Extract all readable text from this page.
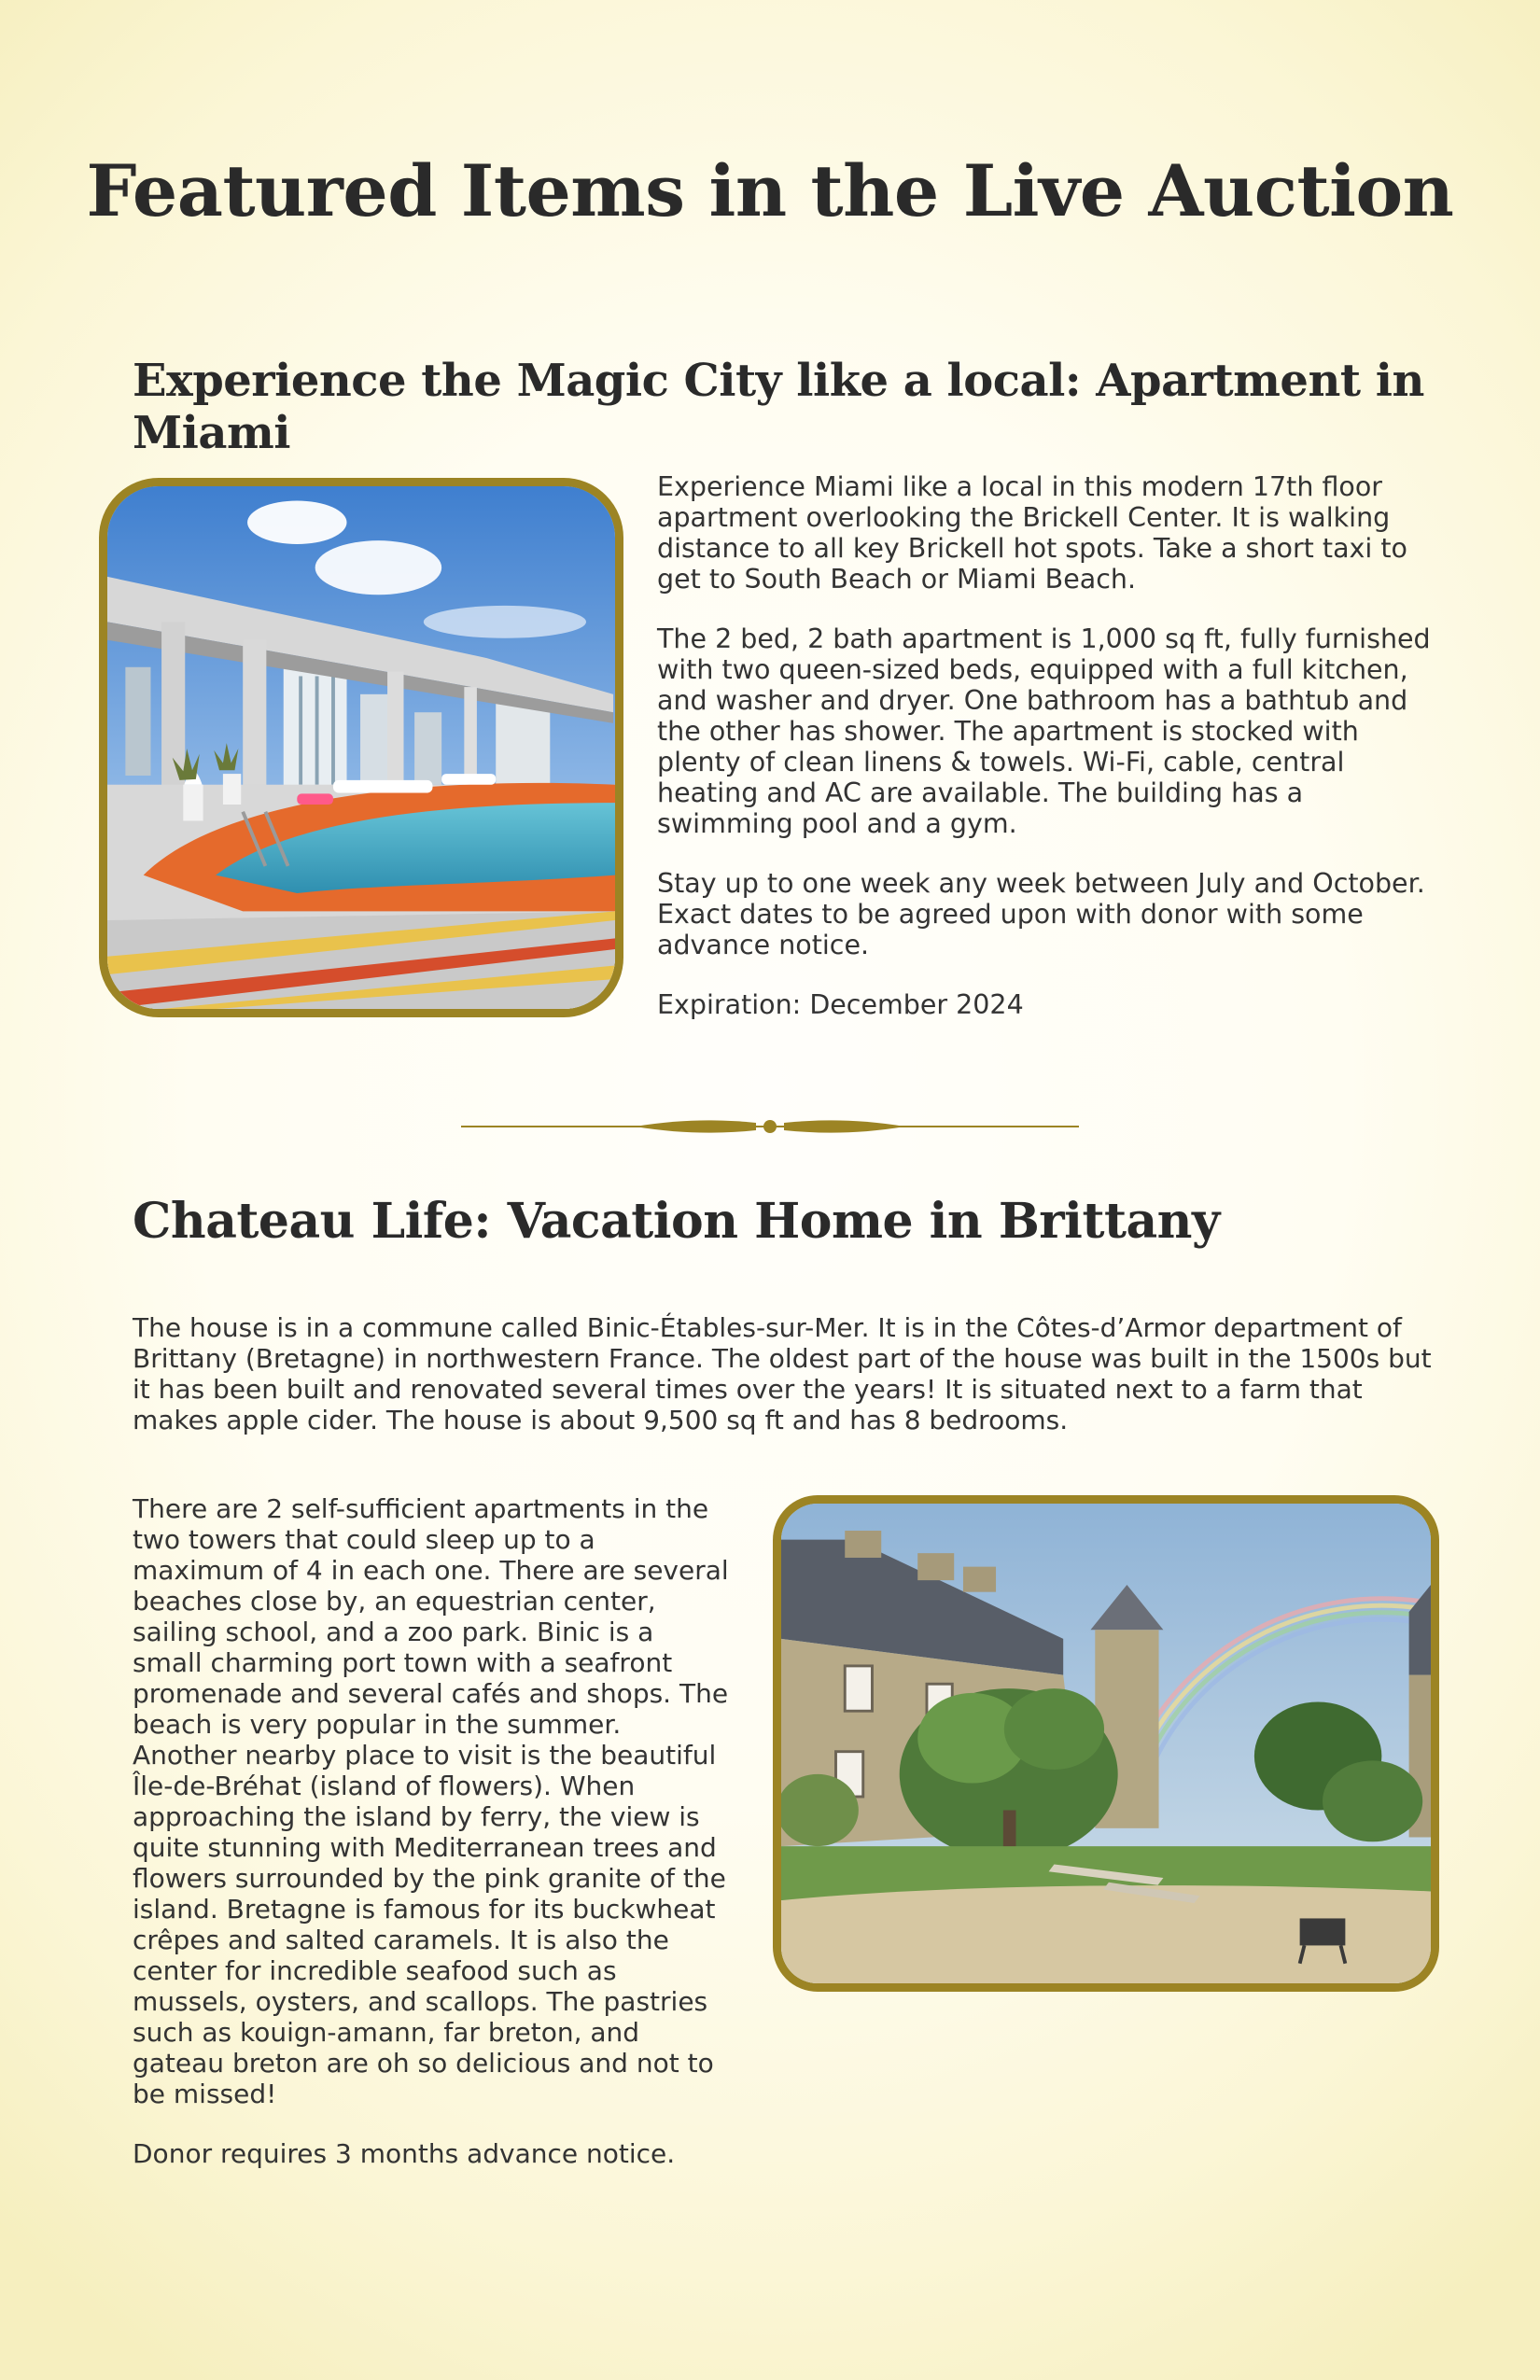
Featured Items in the Live Auction
Experience the Magic City like a local: Apartment in Miami

Experience Miami like a local in this modern 17th floor apartment overlooking the Brickell Center. It is walking distance to all key Brickell hot spots. Take a short taxi to get to South Beach or Miami Beach.

The 2 bed, 2 bath apartment is 1,000 sq ft, fully furnished with two queen-sized beds, equipped with a full kitchen, and washer and dryer. One bathroom has a bathtub and the other has shower. The apartment is stocked with plenty of clean linens & towels. Wi-Fi, cable, central heating and AC are available. The building has a swimming pool and a gym.

Stay up to one week any week between July and October. Exact dates to be agreed upon with donor with some advance notice.

Expiration: December 2024

Chateau Life: Vacation Home in Brittany

The house is in a commune called Binic-Étables-sur-Mer. It is in the Côtes-d’Armor department of Brittany (Bretagne) in northwestern France. The oldest part of the house was built in the 1500s but it has been built and renovated several times over the years! It is situated next to a farm that makes apple cider. The house is about 9,500 sq ft and has 8 bedrooms.

There are 2 self-sufficient apartments in the two towers that could sleep up to a maximum of 4 in each one. There are several beaches close by, an equestrian center, sailing school, and a zoo park. Binic is a small charming port town with a seafront promenade and several cafés and shops. The beach is very popular in the summer. Another nearby place to visit is the beautiful Île-de-Bréhat (island of flowers). When approaching the island by ferry, the view is quite stunning with Mediterranean trees and flowers surrounded by the pink granite of the island. Bretagne is famous for its buckwheat crêpes and salted caramels. It is also the center for incredible seafood such as mussels, oysters, and scallops. The pastries such as kouign-amann, far breton, and gateau breton are oh so delicious and not to be missed!

Donor requires 3 months advance notice.
